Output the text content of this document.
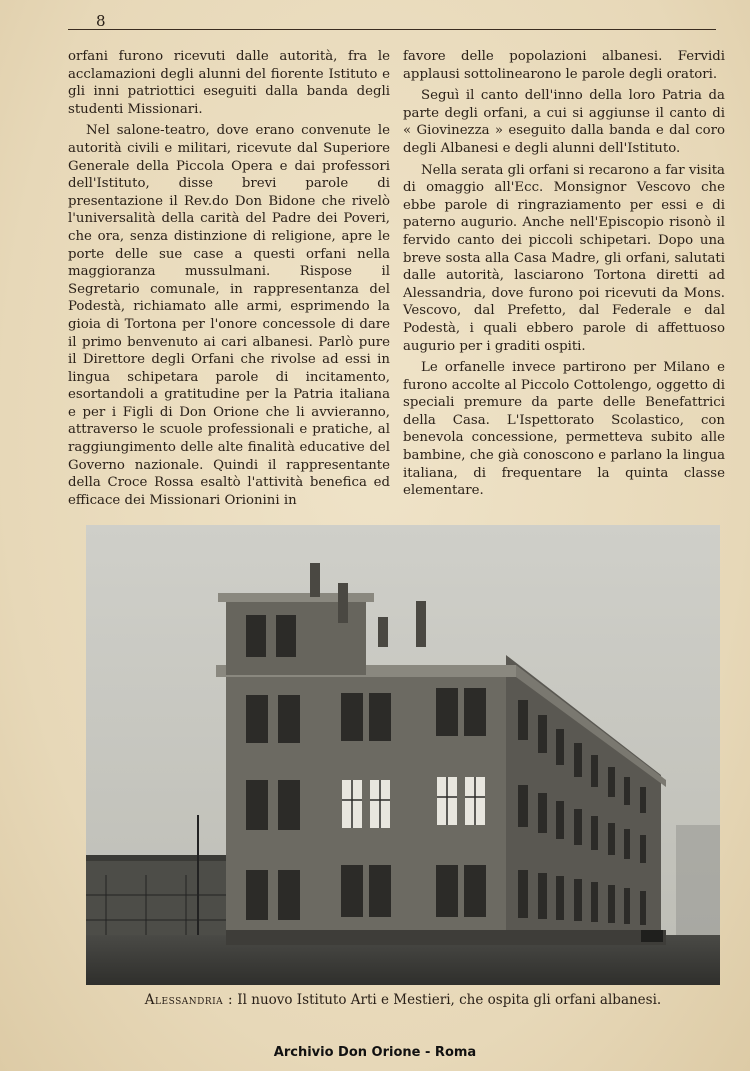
8

orfani furono ricevuti dalle autorità, fra le acclamazioni degli alunni del fiorente Istituto e gli inni patriottici eseguiti dalla banda degli studenti Missionari.

Nel salone-teatro, dove erano convenute le autorità civili e militari, ricevute dal Superiore Generale della Piccola Opera e dai professori dell'Istituto, disse brevi parole di presentazione il Rev.do Don Bidone che rivelò l'universalità della carità del Padre dei Poveri, che ora, senza distinzione di religione, apre le porte delle sue case a questi orfani nella maggioranza mussulmani. Rispose il Segretario comunale, in rappresentanza del Podestà, richiamato alle armi, esprimendo la gioia di Tortona per l'onore concessole di dare il primo benvenuto ai cari albanesi. Parlò pure il Direttore degli Orfani che rivolse ad essi in lingua schipetara parole di incitamento, esortandoli a gratitudine per la Patria italiana e per i Figli di Don Orione che li avvieranno, attraverso le scuole professionali e pratiche, al raggiungimento delle alte finalità educative del Governo nazionale. Quindi il rappresentante della Croce Rossa esaltò l'attività benefica ed efficace dei Missionari Orionini in

favore delle popolazioni albanesi. Fervidi applausi sottolinearono le parole degli oratori.

Seguì il canto dell'inno della loro Patria da parte degli orfani, a cui si aggiunse il canto di « Giovinezza » eseguito dalla banda e dal coro degli Albanesi e degli alunni dell'Istituto.

Nella serata gli orfani si recarono a far visita di omaggio all'Ecc. Monsignor Vescovo che ebbe parole di ringraziamento per essi e di paterno augurio. Anche nell'Episcopio risonò il fervido canto dei piccoli schipetari. Dopo una breve sosta alla Casa Madre, gli orfani, salutati dalle autorità, lasciarono Tortona diretti ad Alessandria, dove furono poi ricevuti da Mons. Vescovo, dal Prefetto, dal Federale e dal Podestà, i quali ebbero parole di affettuoso augurio per i graditi ospiti.

Le orfanelle invece partirono per Milano e furono accolte al Piccolo Cottolengo, oggetto di speciali premure da parte delle Benefattrici della Casa. L'Ispettorato Scolastico, con benevola concessione, permetteva subito alle bambine, che già conoscono e parlano la lingua italiana, di frequentare la quinta classe elementare.

Alessandria : Il nuovo Istituto Arti e Mestieri, che ospita gli orfani albanesi.
Archivio Don Orione - Roma
